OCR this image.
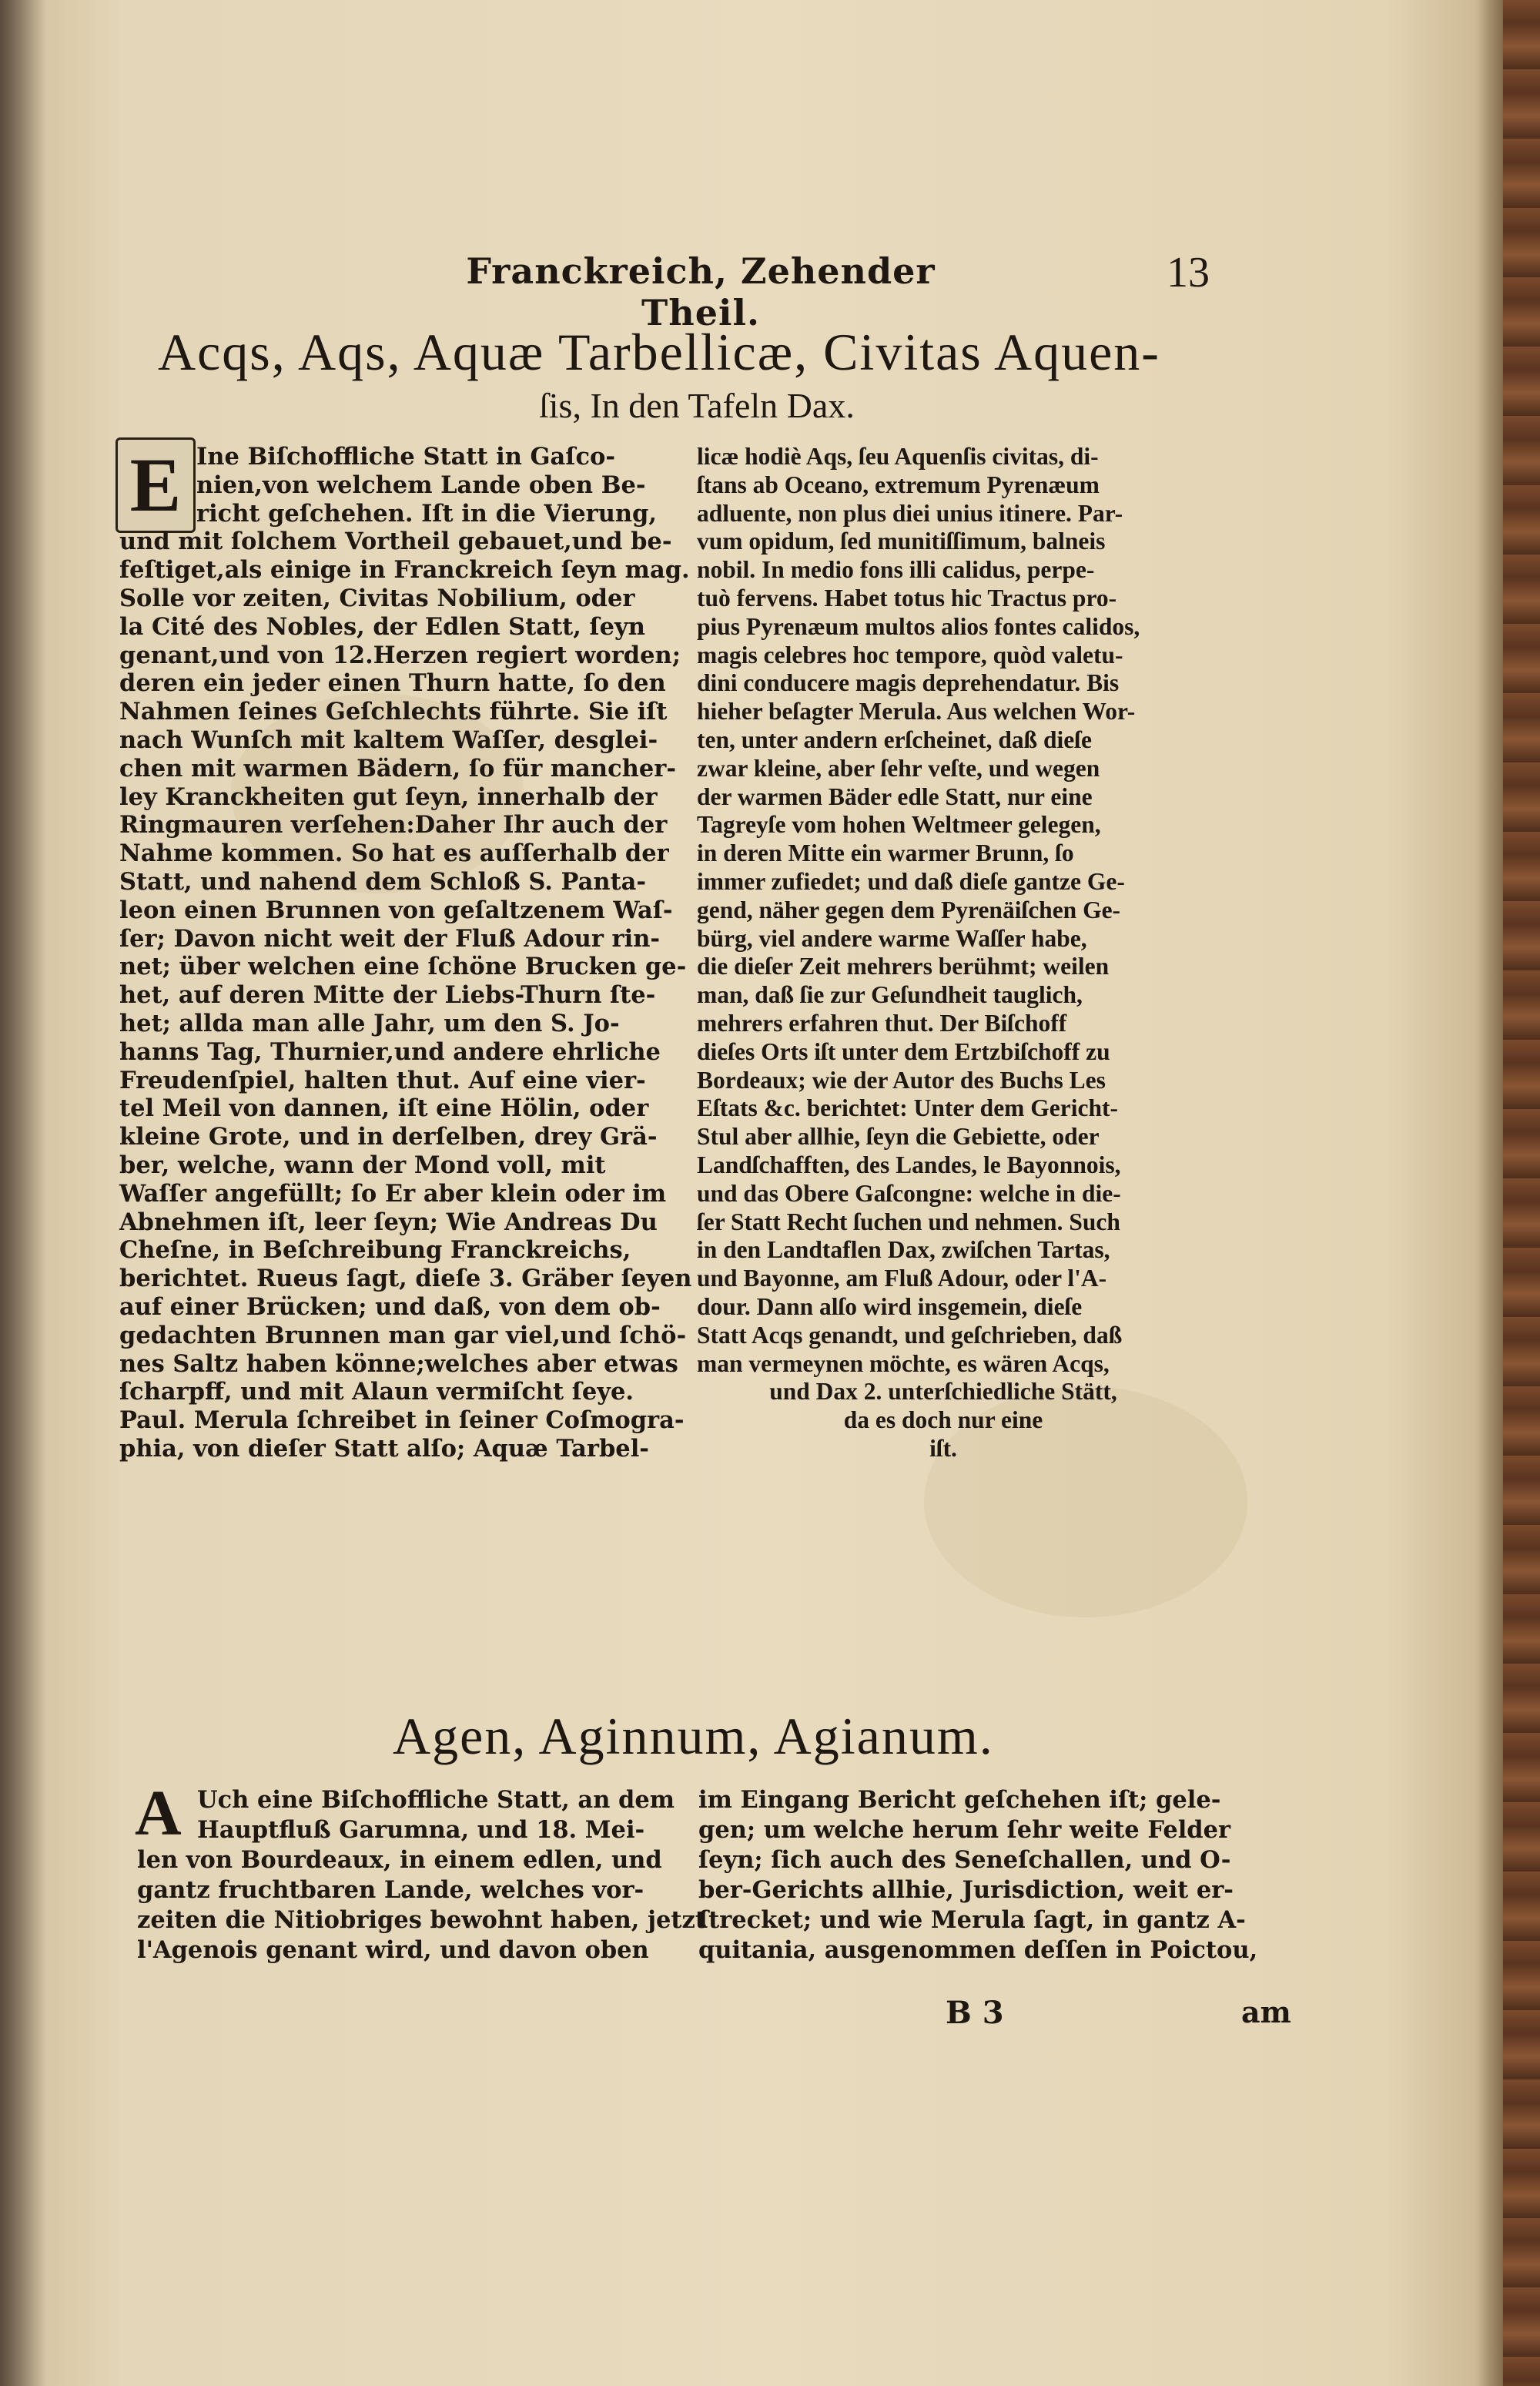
Franckreich, Zehender Theil.
13
Acqs, Aqs, Aquæ Tarbellicæ, Civitas Aquen-
ſis, In den Tafeln Dax.
E Ine Biſchoffliche Statt in Gaſco-
nien,von welchem Lande oben Be-
richt geſchehen. Iſt in die Vierung,
und mit ſolchem Vortheil gebauet,und be-
feſtiget,als einige in Franckreich ſeyn mag.
Solle vor zeiten, Civitas Nobilium, oder
la Cité des Nobles, der Edlen Statt, ſeyn
genant,und von 12.Herzen regiert worden;
deren ein jeder einen Thurn hatte, ſo den
Nahmen ſeines Geſchlechts führte. Sie iſt
nach Wunſch mit kaltem Waſſer, desglei-
chen mit warmen Bädern, ſo für mancher-
ley Kranckheiten gut ſeyn, innerhalb der
Ringmauren verſehen:Daher Ihr auch der
Nahme kommen. So hat es auſſerhalb der
Statt, und nahend dem Schloß S. Panta-
leon einen Brunnen von geſaltzenem Waſ-
ſer; Davon nicht weit der Fluß Adour rin-
net; über welchen eine ſchöne Brucken ge-
het, auf deren Mitte der Liebs-Thurn ſte-
het; allda man alle Jahr, um den S. Jo-
hanns Tag, Thurnier,und andere ehrliche
Freudenſpiel, halten thut. Auf eine vier-
tel Meil von dannen, iſt eine Hölin, oder
kleine Grote, und in derſelben, drey Grä-
ber, welche, wann der Mond voll, mit
Waſſer angefüllt; ſo Er aber klein oder im
Abnehmen iſt, leer ſeyn; Wie Andreas Du
Cheſne, in Beſchreibung Franckreichs,
berichtet. Rueus ſagt, dieſe 3. Gräber ſeyen
auf einer Brücken; und daß, von dem ob-
gedachten Brunnen man gar viel,und ſchö-
nes Saltz haben könne;welches aber etwas
ſcharpff, und mit Alaun vermiſcht ſeye.
Paul. Merula ſchreibet in ſeiner Coſmogra-
phia, von dieſer Statt alſo; Aquæ Tarbel-
licæ hodiè Aqs, ſeu Aquenſis civitas, di-
ſtans ab Oceano, extremum Pyrenæum
adluente, non plus diei unius itinere. Par-
vum opidum, ſed munitiſſimum, balneis
nobil. In medio fons illi calidus, perpe-
tuò fervens. Habet totus hic Tractus pro-
pius Pyrenæum multos alios fontes calidos,
magis celebres hoc tempore, quòd valetu-
dini conducere magis deprehendatur. Bis
hieher beſagter Merula. Aus welchen Wor-
ten, unter andern erſcheinet, daß dieſe
zwar kleine, aber ſehr veſte, und wegen
der warmen Bäder edle Statt, nur eine
Tagreyſe vom hohen Weltmeer gelegen,
in deren Mitte ein warmer Brunn, ſo
immer zufiedet; und daß dieſe gantze Ge-
gend, näher gegen dem Pyrenäiſchen Ge-
bürg, viel andere warme Waſſer habe,
die dieſer Zeit mehrers berühmt; weilen
man, daß ſie zur Geſundheit tauglich,
mehrers erfahren thut. Der Biſchoff
dieſes Orts iſt unter dem Ertzbiſchoff zu
Bordeaux; wie der Autor des Buchs Les
Eſtats &c. berichtet: Unter dem Gericht-
Stul aber allhie, ſeyn die Gebiette, oder
Landſchafften, des Landes, le Bayonnois,
und das Obere Gaſcongne: welche in die-
ſer Statt Recht ſuchen und nehmen. Such
in den Landtaflen Dax, zwiſchen Tartas,
und Bayonne, am Fluß Adour, oder l'A-
dour. Dann alſo wird insgemein, dieſe
Statt Acqs genandt, und geſchrieben, daß
man vermeynen möchte, es wären Acqs,
und Dax 2. unterſchiedliche Stätt,
da es doch nur eine
iſt.
Agen, Aginnum, Agianum.
A Uch eine Biſchoffliche Statt, an dem
Hauptfluß Garumna, und 18. Mei-
len von Bourdeaux, in einem edlen, und
gantz fruchtbaren Lande, welches vor-
zeiten die Nitiobriges bewohnt haben, jetzt
l'Agenois genant wird, und davon oben
im Eingang Bericht geſchehen iſt; gele-
gen; um welche herum ſehr weite Felder
ſeyn; ſich auch des Seneſchallen, und O-
ber-Gerichts allhie, Jurisdiction, weit er-
ſtrecket; und wie Merula ſagt, in gantz A-
quitania, ausgenommen deſſen in Poictou,
B 3	am
